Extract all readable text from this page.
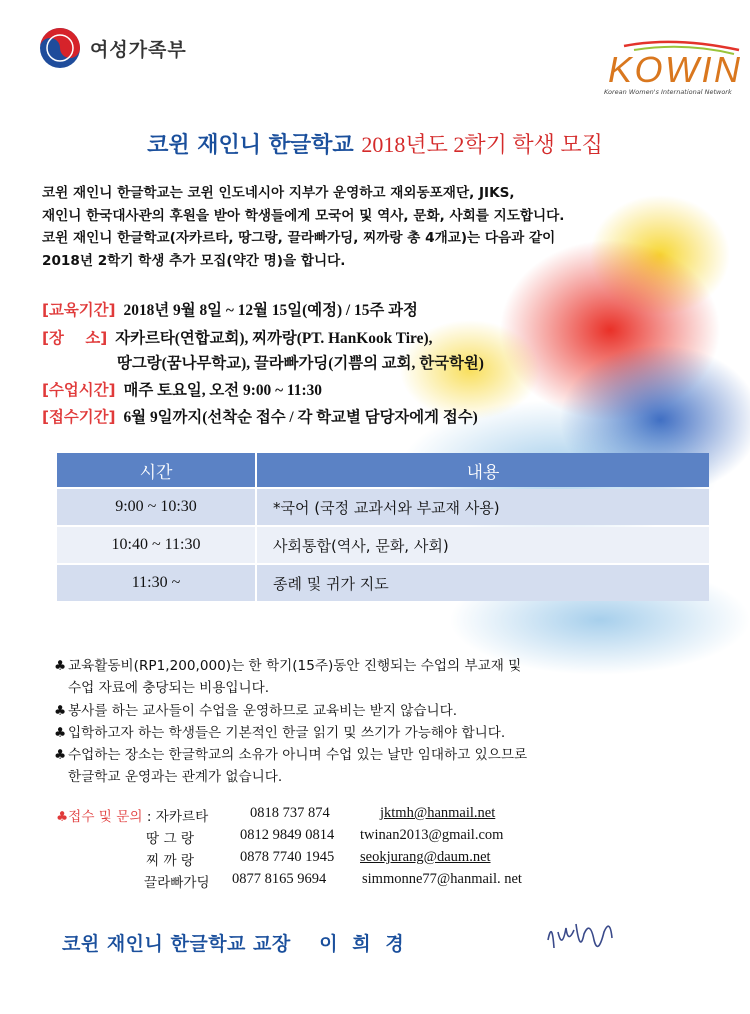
여성가족부	KOWIN
Korean Women's International Network
코윈 재인니 한글학교 2018년도 2학기 학생 모집

코윈 재인니 한글학교는 코윈 인도네시아 지부가 운영하고 재외동포재단, JIKS,

재인니 한국대사관의 후원을 받아 학생들에게 모국어 및 역사, 문화, 사회를 지도합니다.

코윈 재인니 한글학교(자카르타, 땅그랑, 끌라빠가딩, 찌까랑 총 4개교)는 다음과 같이

2018년 2학기 학생 추가 모집(약간 명)을 합니다.

[교육기간] 2018년 9월 8일 ~ 12월 15일(예정) / 15주 과정
[장    소] 자카르타(연합교회), 찌까랑(PT. HanKook Tire),
땅그랑(꿈나무학교), 끌라빠가딩(기쁨의 교회, 한국학원)
[수업시간] 매주 토요일, 오전 9:00 ~ 11:30
[접수기간] 6월 9일까지(선착순 접수 / 각 학교별 담당자에게 접수)
시간	내용
9:00 ~ 10:30	*국어 (국정 교과서와 부교재 사용)
10:40 ~ 11:30	사회통합(역사, 문화, 사회)
11:30 ~	종례 및 귀가 지도
♣ 교육활동비(RP1,200,000)는 한 학기(15주)동안 진행되는 수업의 부교재 및
수업 자료에 충당되는 비용입니다.
♣ 봉사를 하는 교사들이 수업을 운영하므로 교육비는 받지 않습니다.
♣ 입학하고자 하는 학생들은 기본적인 한글 읽기 및 쓰기가 가능해야 합니다.
♣ 수업하는 장소는 한글학교의 소유가 아니며 수업 있는 날만 임대하고 있으므로
한글학교 운영과는 관계가 없습니다.
♣접수 및 문의 : 자카르타	0818 737 874	jktmh@hanmail.net
땅 그 랑	0812 9849 0814 twinan2013@gmail.com
찌 까 랑	0878 7740 1945 seokjurang@daum.net
끌라빠가딩 0877 8165 9694 simmonne77@hanmail. net
코윈 재인니 한글학교 교장    이  희  경
